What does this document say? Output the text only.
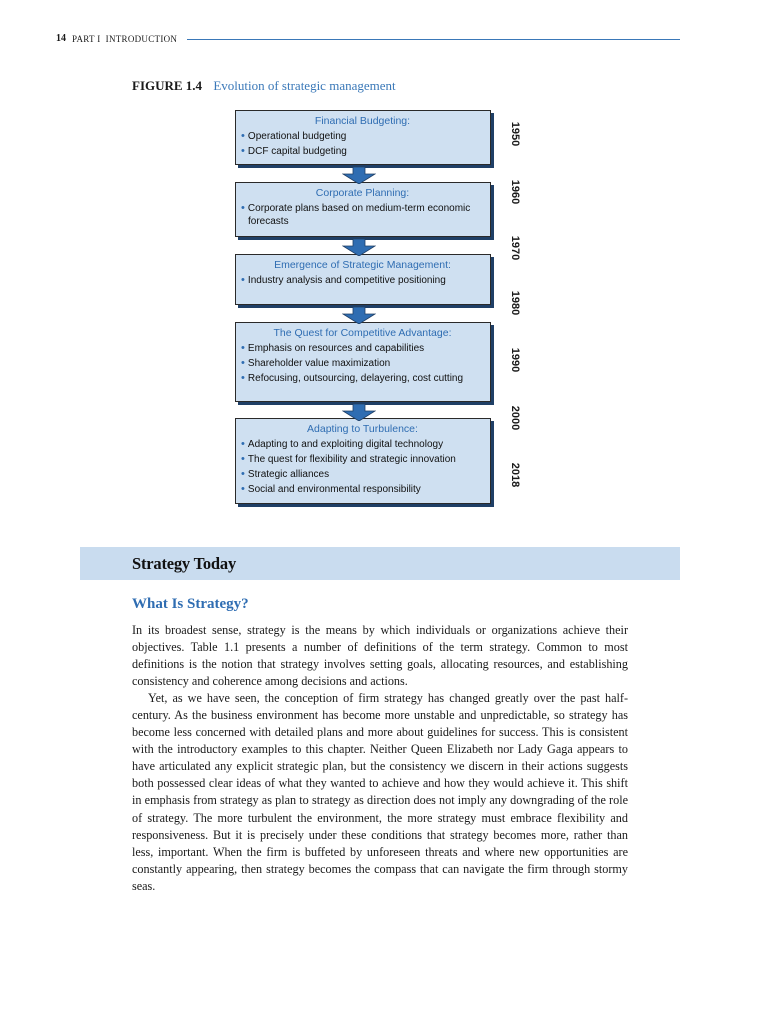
14 PART I INTRODUCTION
FIGURE 1.4 Evolution of strategic management
Financial Budgeting:
• Operational budgeting
• DCF capital budgeting
Corporate Planning:
• Corporate plans based on medium-term economic forecasts
Emergence of Strategic Management:
• Industry analysis and competitive positioning
The Quest for Competitive Advantage:
• Emphasis on resources and capabilities
• Shareholder value maximization
• Refocusing, outsourcing, delayering, cost cutting
Adapting to Turbulence:
• Adapting to and exploiting digital technology
• The quest for flexibility and strategic innovation
• Strategic alliances
• Social and environmental responsibility
1950
1960
1970
1980
1990
2000
2018
Strategy Today
What Is Strategy?

In its broadest sense, strategy is the means by which individuals or organizations achieve their objectives. Table 1.1 presents a number of definitions of the term strategy. Common to most definitions is the notion that strategy involves setting goals, allocating resources, and establishing consistency and coherence among decisions and actions.

Yet, as we have seen, the conception of firm strategy has changed greatly over the past half-century. As the business environment has become more unstable and unpredictable, so strategy has become less concerned with detailed plans and more about guidelines for success. This is consistent with the introductory examples to this chapter. Neither Queen Elizabeth nor Lady Gaga appears to have articulated any explicit strategic plan, but the consistency we discern in their actions suggests both possessed clear ideas of what they wanted to achieve and how they would achieve it. This shift in emphasis from strategy as plan to strategy as direction does not imply any downgrading of the role of strategy. The more turbulent the environment, the more strategy must embrace flexibility and responsiveness. But it is precisely under these conditions that strategy becomes more, rather than less, important. When the firm is buffeted by unforeseen threats and where new opportunities are constantly appearing, then strategy becomes the compass that can navigate the firm through stormy seas.
